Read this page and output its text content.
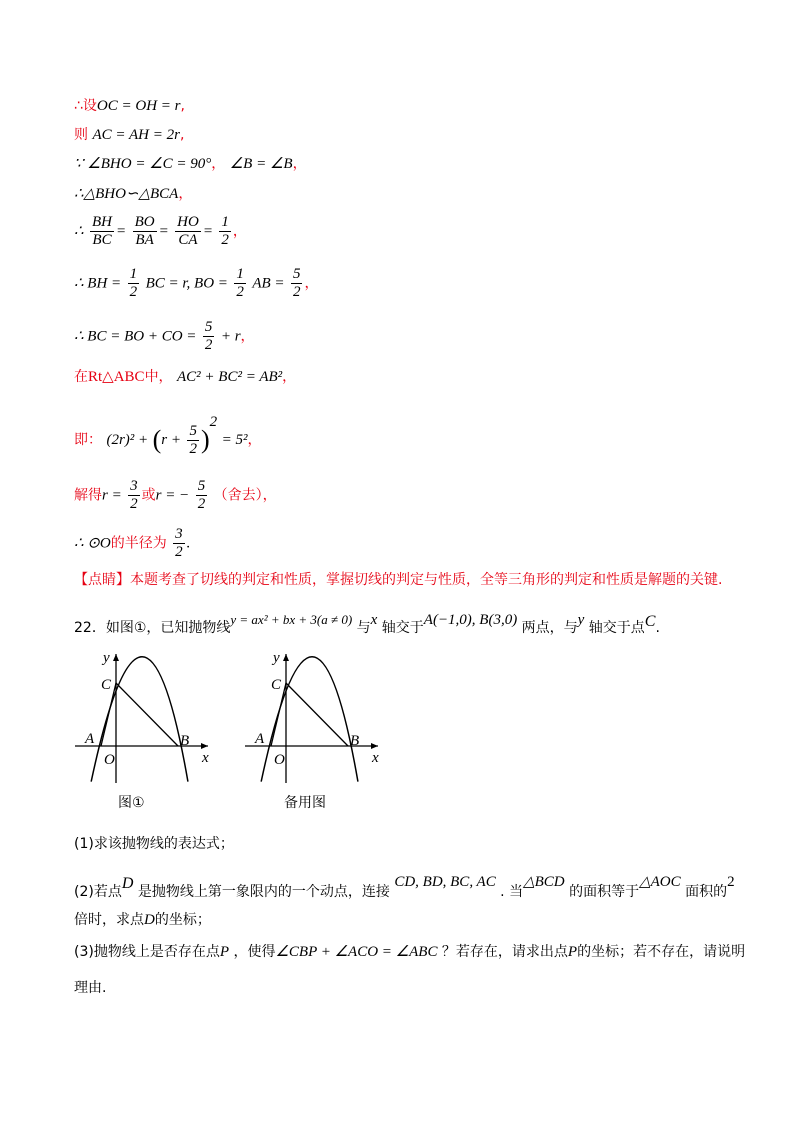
∴设OC = OH = r,
则 AC = AH = 2r,
∵ ∠BHO = ∠C = 90°， ∠B = ∠B，
∴△BHO∽△BCA，
∴ $\frac{BH}{BC} = \frac{BO}{BA} = \frac{HO}{CA} = \frac{1}{2}$ ，
∴ BH = $\frac{1}{2}$ BC = r, BO = $\frac{1}{2}$ AB = $\frac{5}{2}$ ，
∴ BC = BO + CO = $\frac{5}{2} + r$，
在Rt△ABC中， AC² + BC² = AB²，
即： $(2r)^2 + (r + \frac{5}{2} )^2 = 5^2$，
解得$r = \frac{3}{2}$ 或r = − $\frac{5}{2}$ （舍去），
∴ ⊙O的半径为 $\frac{3}{2}$ .
【点睛】本题考查了切线的判定和性质，掌握切线的判定与性质，全等三角形的判定和性质是解题的关键.
22．如图①，已知抛物线y = ax² + bx + 3(a ≠ 0) 与x 轴交于A(−1,0), B(3,0) 两点，与y 轴交于点C.
y
x
C
A
O
B
图①
y
x
C
A
O
B
备用图
(1)求该抛物线的表达式；
(2)若点D 是抛物线上第一象限内的一个动点，连接 CD, BD, BC, AC . 当△BCD 的面积等于△AOC 面积的2
倍时，求点D的坐标；
(3)抛物线上是否存在点P ，使得∠CBP + ∠ACO = ∠ABC ？若存在，请求出点P的坐标；若不存在，请说明
理由.
